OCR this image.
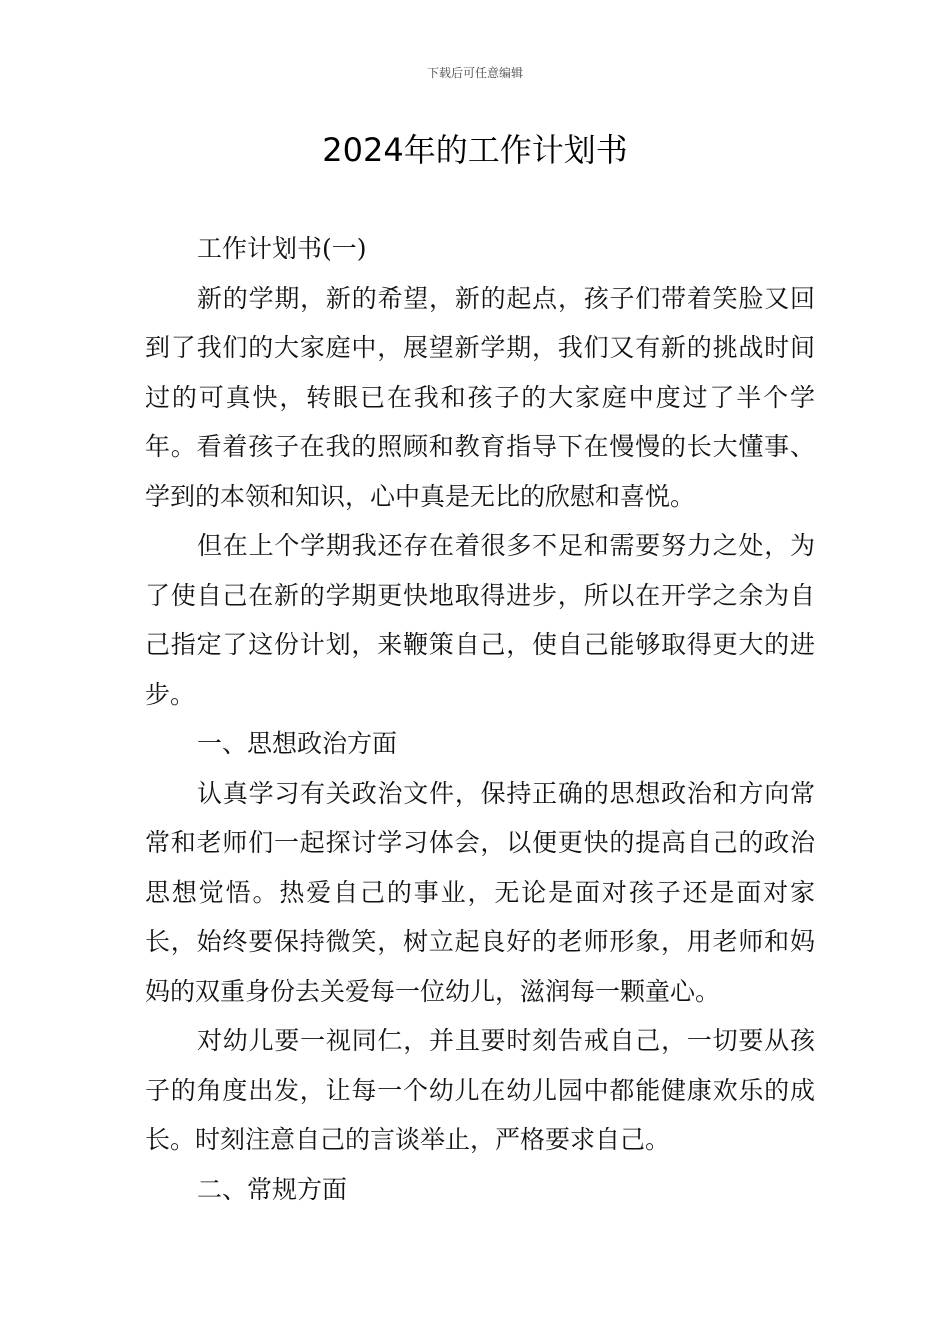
下载后可任意编辑
2024年的工作计划书

工作计划书(一)

新的学期，新的希望，新的起点，孩子们带着笑脸又回到了我们的大家庭中，展望新学期，我们又有新的挑战时间过的可真快，转眼已在我和孩子的大家庭中度过了半个学年。看着孩子在我的照顾和教育指导下在慢慢的长大懂事、学到的本领和知识，心中真是无比的欣慰和喜悦。

但在上个学期我还存在着很多不足和需要努力之处，为了使自己在新的学期更快地取得进步，所以在开学之余为自己指定了这份计划，来鞭策自己，使自己能够取得更大的进步。

一、思想政治方面

认真学习有关政治文件，保持正确的思想政治和方向常常和老师们一起探讨学习体会，以便更快的提高自己的政治思想觉悟。热爱自己的事业，无论是面对孩子还是面对家长，始终要保持微笑，树立起良好的老师形象，用老师和妈妈的双重身份去关爱每一位幼儿，滋润每一颗童心。

对幼儿要一视同仁，并且要时刻告戒自己，一切要从孩子的角度出发，让每一个幼儿在幼儿园中都能健康欢乐的成长。时刻注意自己的言谈举止，严格要求自己。

二、常规方面
